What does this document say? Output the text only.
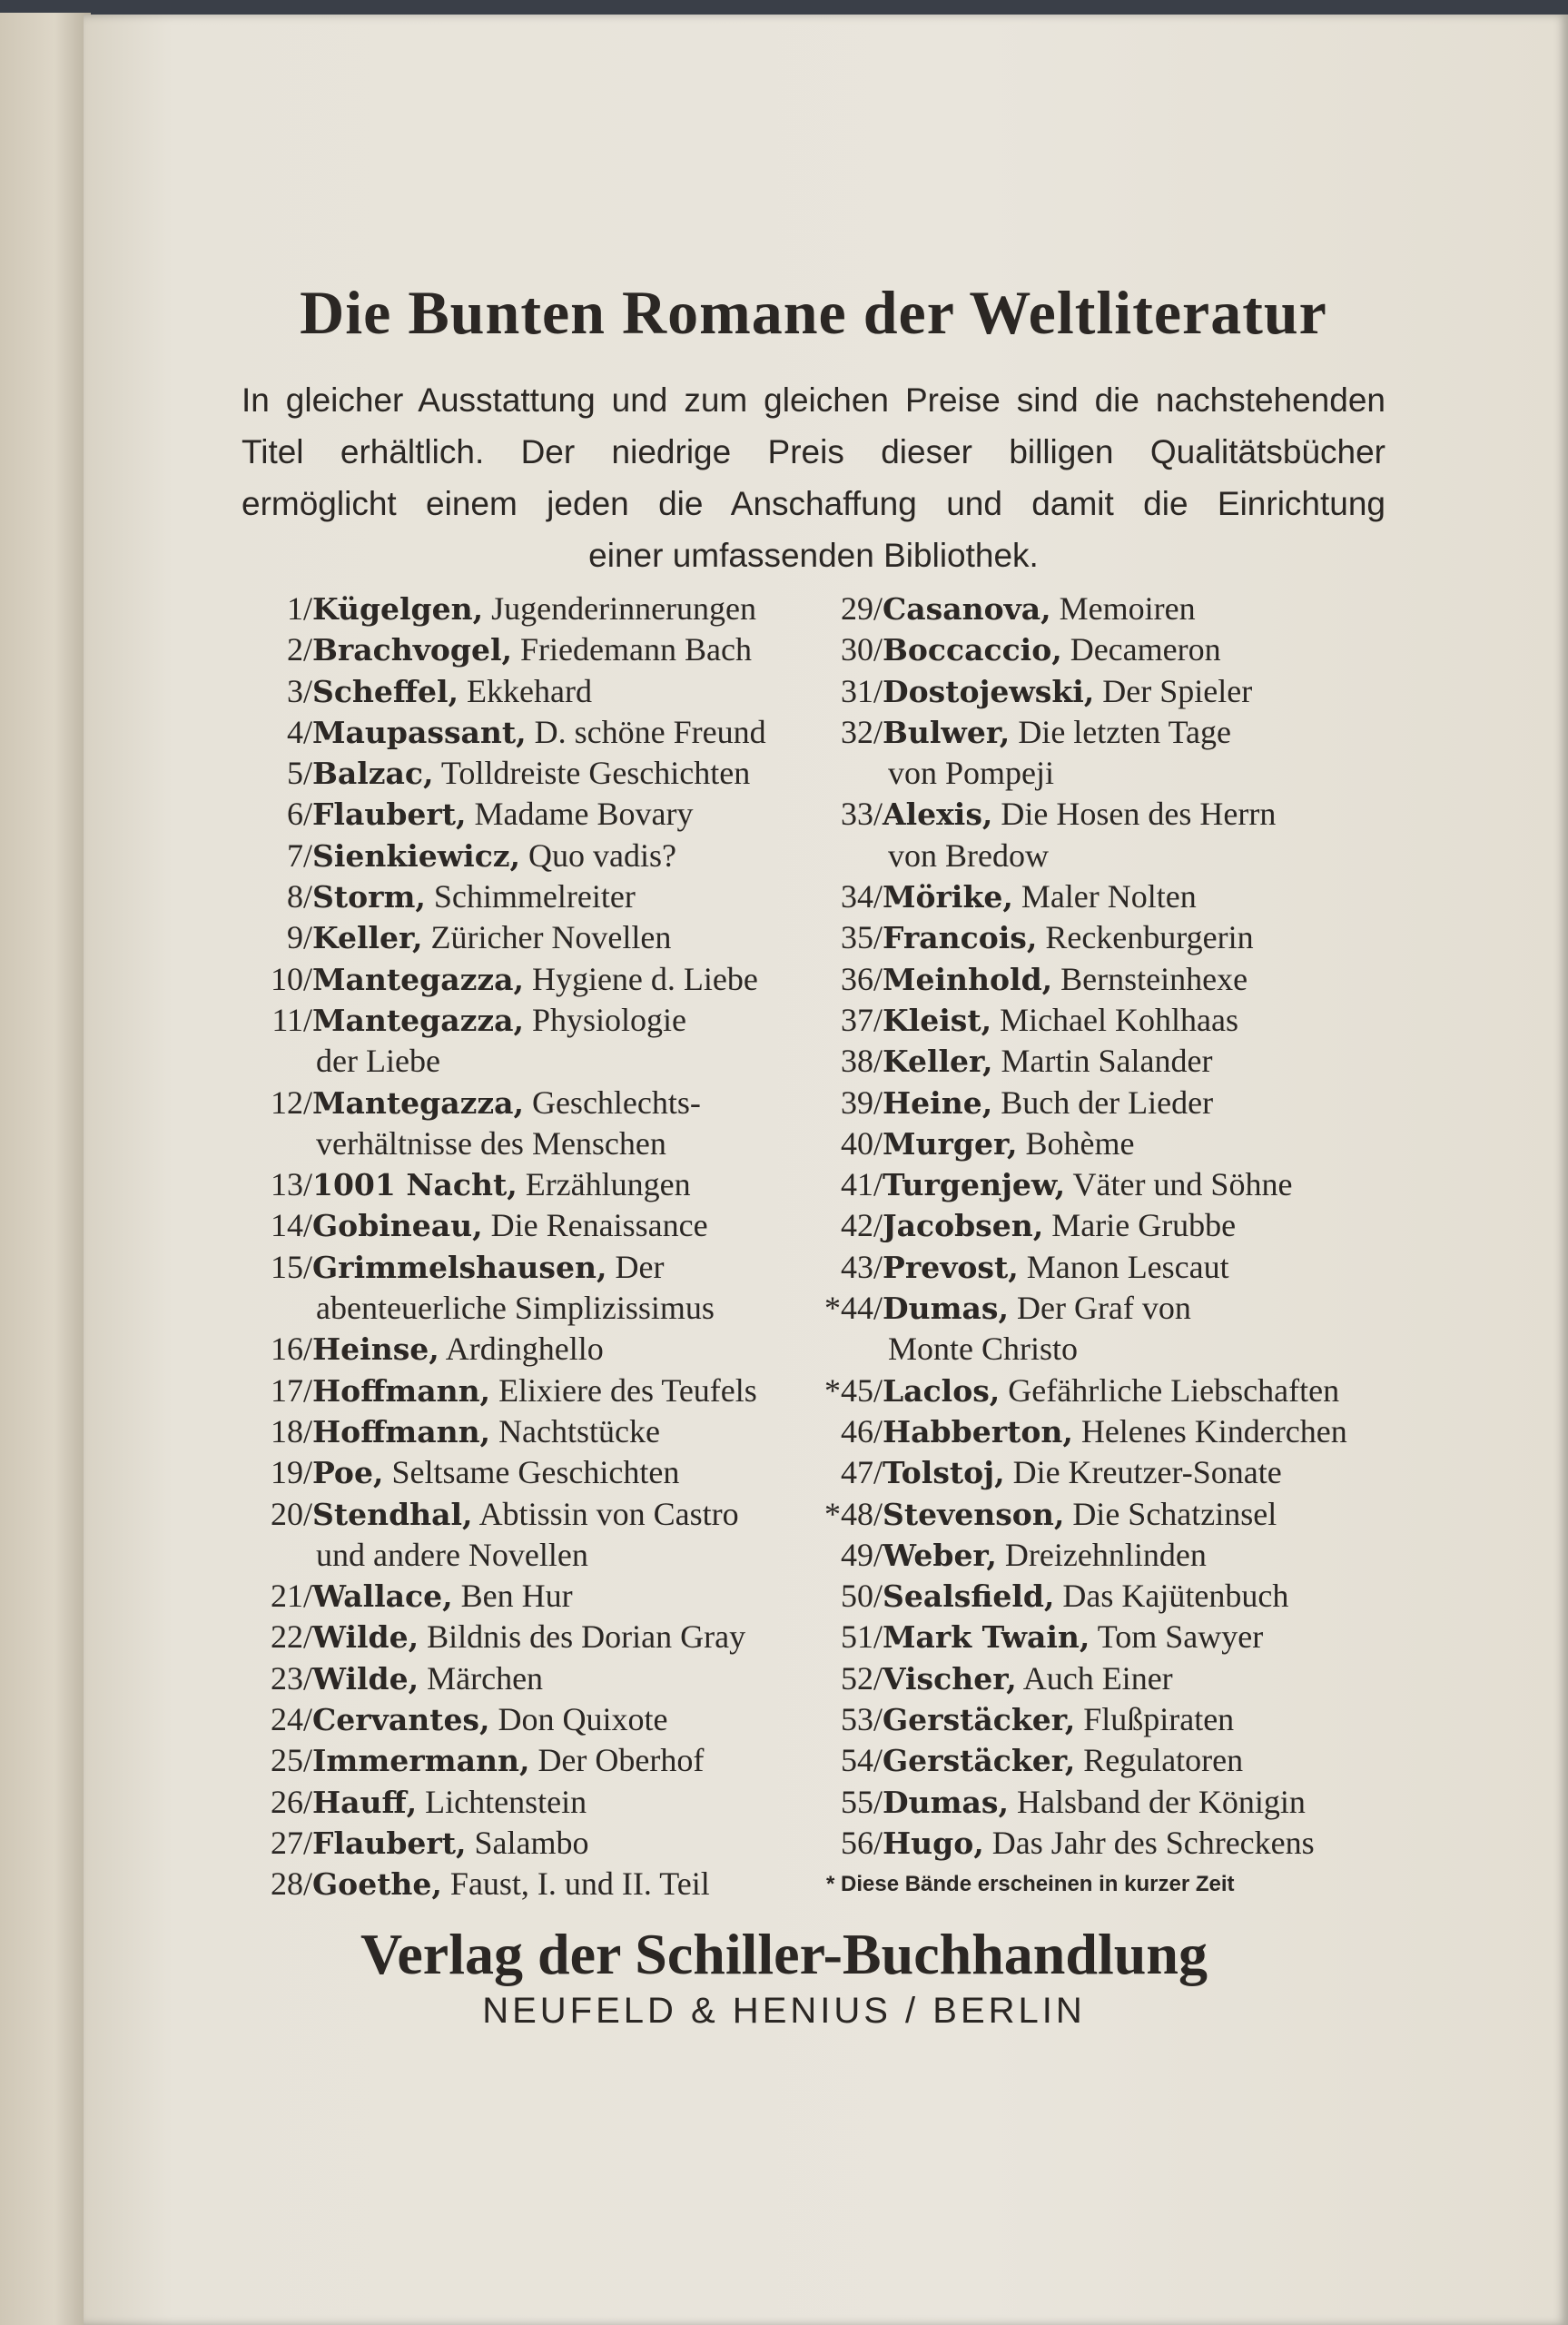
Die Bunten Romane der Weltliteratur
In gleicher Ausstattung und zum gleichen Preise sind die nachstehenden
Titel erhältlich. Der niedrige Preis dieser billigen Qualitätsbücher
ermöglicht einem jeden die Anschaffung und damit die Einrichtung
einer umfassenden Bibliothek.
1/Kügelgen, Jugenderinnerungen
2/Brachvogel, Friedemann Bach
3/Scheffel, Ekkehard
4/Maupassant, D. schöne Freund
5/Balzac, Tolldreiste Geschichten
6/Flaubert, Madame Bovary
7/Sienkiewicz, Quo vadis?
8/Storm, Schimmelreiter
9/Keller, Züricher Novellen
10/Mantegazza, Hygiene d. Liebe
11/Mantegazza, Physiologie
der Liebe
12/Mantegazza, Geschlechts-
verhältnisse des Menschen
13/1001 Nacht, Erzählungen
14/Gobineau, Die Renaissance
15/Grimmelshausen, Der
abenteuerliche Simplizissimus
16/Heinse, Ardinghello
17/Hoffmann, Elixiere des Teufels
18/Hoffmann, Nachtstücke
19/Poe, Seltsame Geschichten
20/Stendhal, Abtissin von Castro
und andere Novellen
21/Wallace, Ben Hur
22/Wilde, Bildnis des Dorian Gray
23/Wilde, Märchen
24/Cervantes, Don Quixote
25/Immermann, Der Oberhof
26/Hauff, Lichtenstein
27/Flaubert, Salambo
28/Goethe, Faust, I. und II. Teil
29/Casanova, Memoiren
30/Boccaccio, Decameron
31/Dostojewski, Der Spieler
32/Bulwer, Die letzten Tage
von Pompeji
33/Alexis, Die Hosen des Herrn
von Bredow
34/Mörike, Maler Nolten
35/Francois, Reckenburgerin
36/Meinhold, Bernsteinhexe
37/Kleist, Michael Kohlhaas
38/Keller, Martin Salander
39/Heine, Buch der Lieder
40/Murger, Bohème
41/Turgenjew, Väter und Söhne
42/Jacobsen, Marie Grubbe
43/Prevost, Manon Lescaut
*44/Dumas, Der Graf von
Monte Christo
*45/Laclos, Gefährliche Liebschaften
46/Habberton, Helenes Kinderchen
47/Tolstoj, Die Kreutzer-Sonate
*48/Stevenson, Die Schatzinsel
49/Weber, Dreizehnlinden
50/Sealsfield, Das Kajütenbuch
51/Mark Twain, Tom Sawyer
52/Vischer, Auch Einer
53/Gerstäcker, Flußpiraten
54/Gerstäcker, Regulatoren
55/Dumas, Halsband der Königin
56/Hugo, Das Jahr des Schreckens
* Diese Bände erscheinen in kurzer Zeit
Verlag der Schiller-Buchhandlung
NEUFELD & HENIUS / BERLIN
